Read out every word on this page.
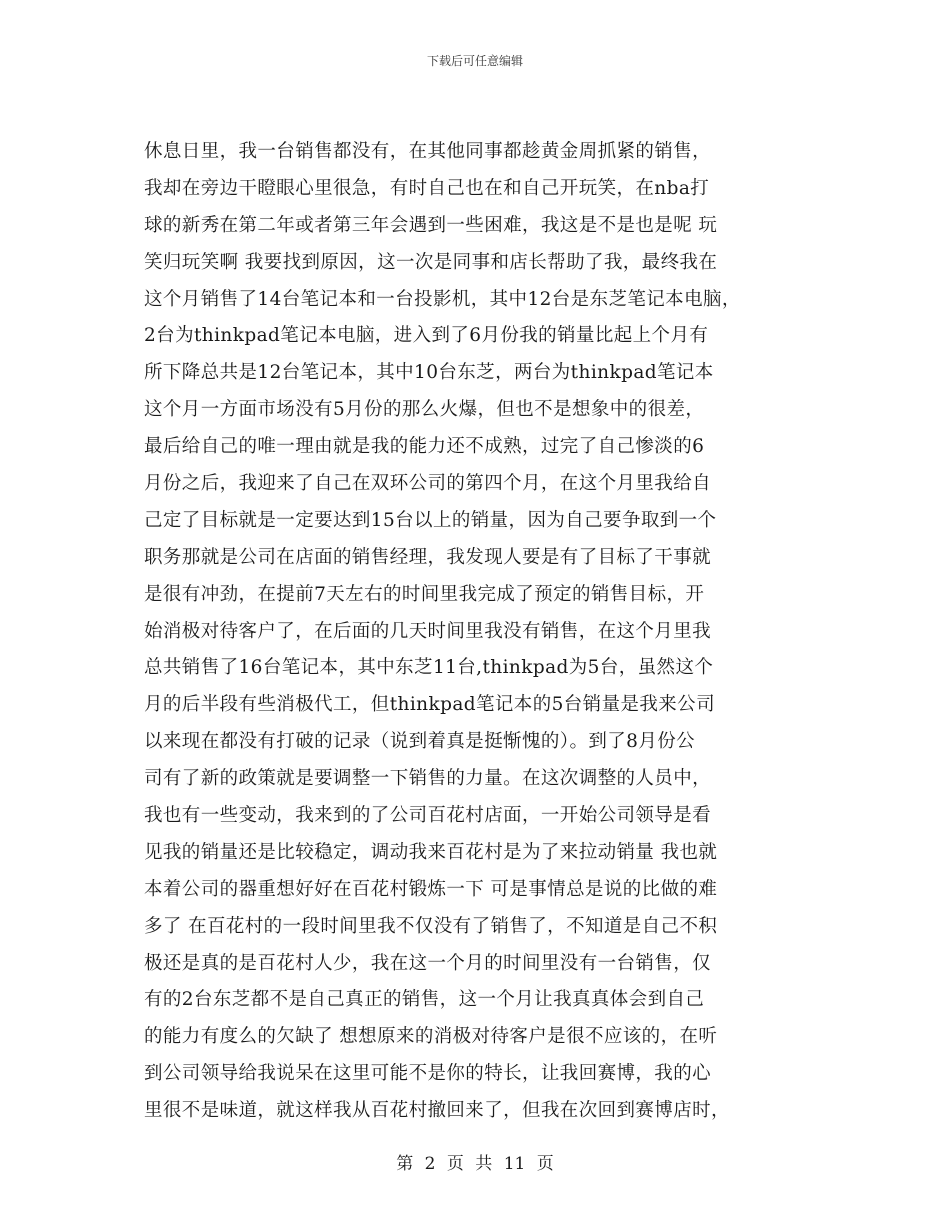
下载后可任意编辑
休息日里，我一台销售都没有，在其他同事都趁黄金周抓紧的销售，
我却在旁边干瞪眼心里很急，有时自己也在和自己开玩笑，在nba打
球的新秀在第二年或者第三年会遇到一些困难，我这是不是也是呢 玩
笑归玩笑啊 我要找到原因，这一次是同事和店长帮助了我，最终我在
这个月销售了14台笔记本和一台投影机，其中12台是东芝笔记本电脑，
2台为thinkpad笔记本电脑，进入到了6月份我的销量比起上个月有
所下降总共是12台笔记本，其中10台东芝，两台为thinkpad笔记本
这个月一方面市场没有5月份的那么火爆，但也不是想象中的很差，
最后给自己的唯一理由就是我的能力还不成熟，过完了自己惨淡的6
月份之后，我迎来了自己在双环公司的第四个月，在这个月里我给自
己定了目标就是一定要达到15台以上的销量，因为自己要争取到一个
职务那就是公司在店面的销售经理，我发现人要是有了目标了干事就
是很有冲劲，在提前7天左右的时间里我完成了预定的销售目标，开
始消极对待客户了，在后面的几天时间里我没有销售，在这个月里我
总共销售了16台笔记本，其中东芝11台,thinkpad为5台，虽然这个
月的后半段有些消极代工，但thinkpad笔记本的5台销量是我来公司
以来现在都没有打破的记录（说到着真是挺惭愧的）。到了8月份公
司有了新的政策就是要调整一下销售的力量。在这次调整的人员中，
我也有一些变动，我来到的了公司百花村店面，一开始公司领导是看
见我的销量还是比较稳定，调动我来百花村是为了来拉动销量 我也就
本着公司的器重想好好在百花村锻炼一下 可是事情总是说的比做的难
多了 在百花村的一段时间里我不仅没有了销售了，不知道是自己不积
极还是真的是百花村人少，我在这一个月的时间里没有一台销售，仅
有的2台东芝都不是自己真正的销售，这一个月让我真真体会到自己
的能力有度么的欠缺了 想想原来的消极对待客户是很不应该的，在听
到公司领导给我说呆在这里可能不是你的特长，让我回赛博，我的心
里很不是味道，就这样我从百花村撤回来了，但我在次回到赛博店时，
第 2 页 共 11 页
